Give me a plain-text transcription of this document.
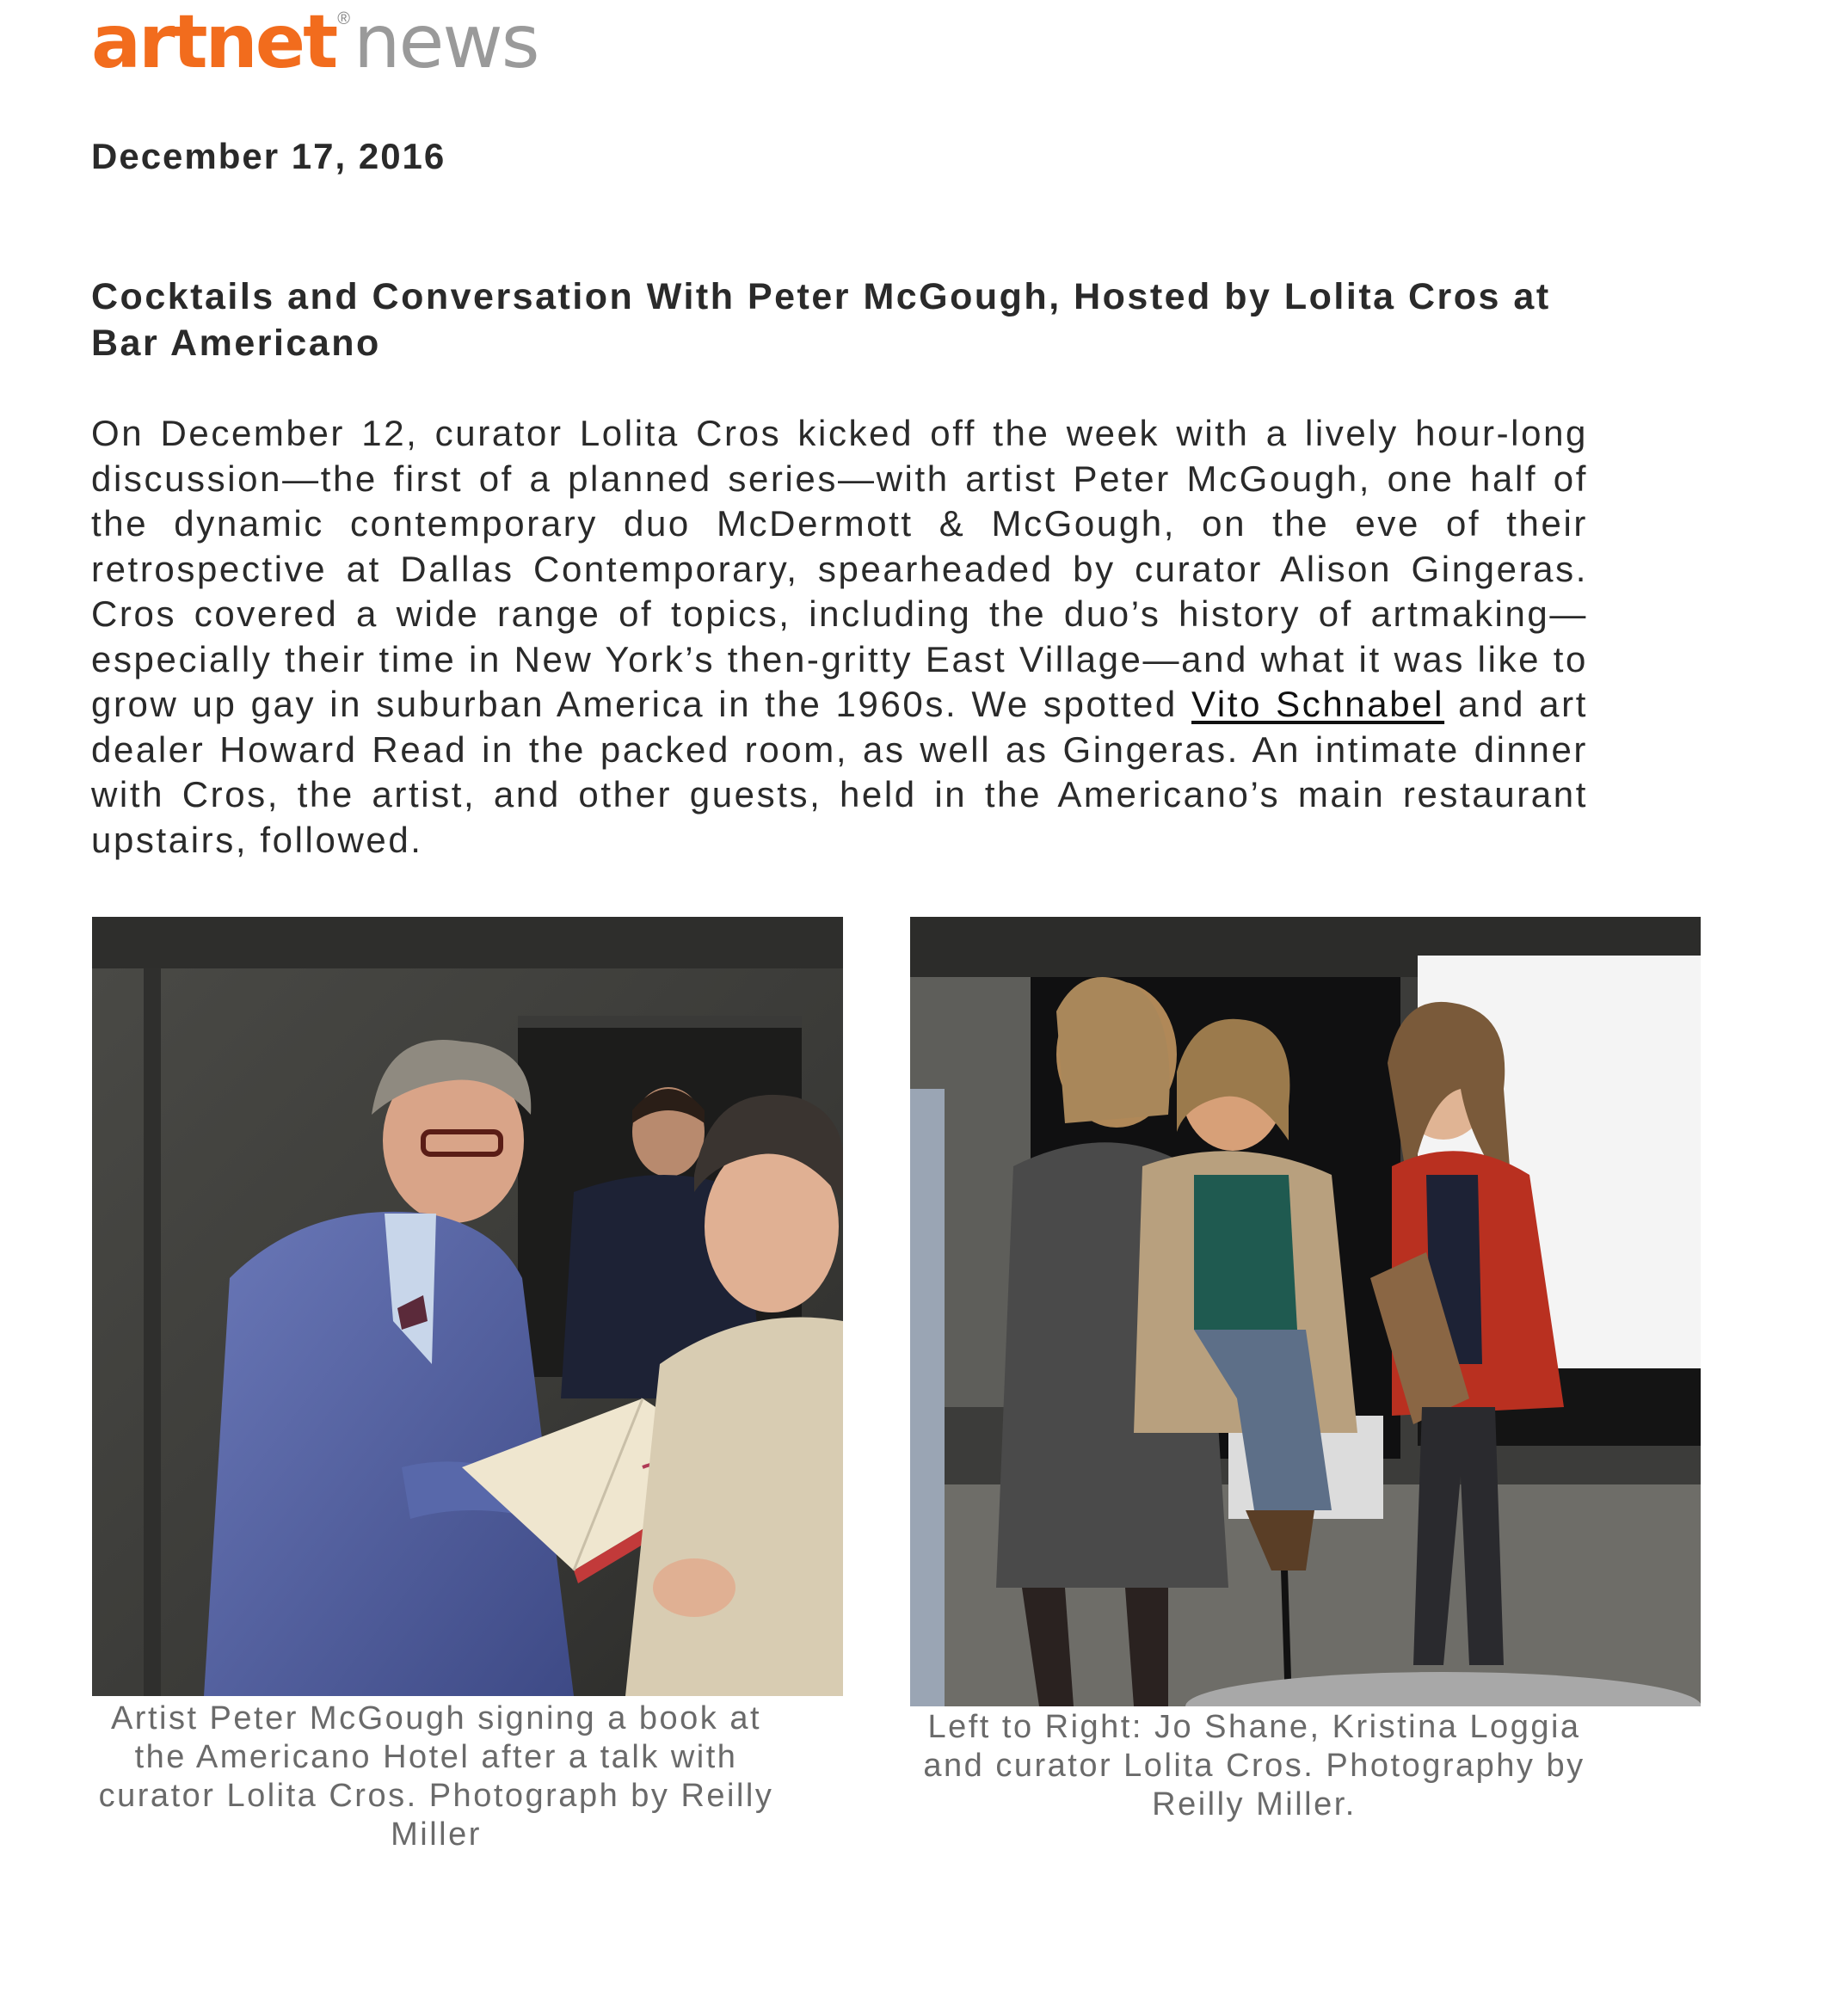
artnet ®news
December 17, 2016
Cocktails and Conversation With Peter McGough, Hosted by Lolita Cros at Bar Americano

On December 12, curator Lolita Cros kicked off the week with a lively hour-long discussion—the first of a planned series—with artist Peter McGough, one half of the dynamic contemporary duo McDermott & McGough, on the eve of their retrospective at Dallas Contemporary, spearheaded by curator Alison Gingeras. Cros covered a wide range of topics, including the duo’s history of artmaking—especially their time in New York’s then-gritty East Village—and what it was like to grow up gay in suburban America in the 1960s. We spotted Vito Schnabel and art dealer Howard Read in the packed room, as well as Gingeras. An intimate dinner with Cros, the artist, and other guests, held in the Americano’s main restaurant upstairs, followed.

Artist Peter McGough signing a book at the Americano Hotel after a talk with curator Lolita Cros. Photograph by Reilly Miller

Left to Right: Jo Shane, Kristina Loggia and curator Lolita Cros. Photography by Reilly Miller.
